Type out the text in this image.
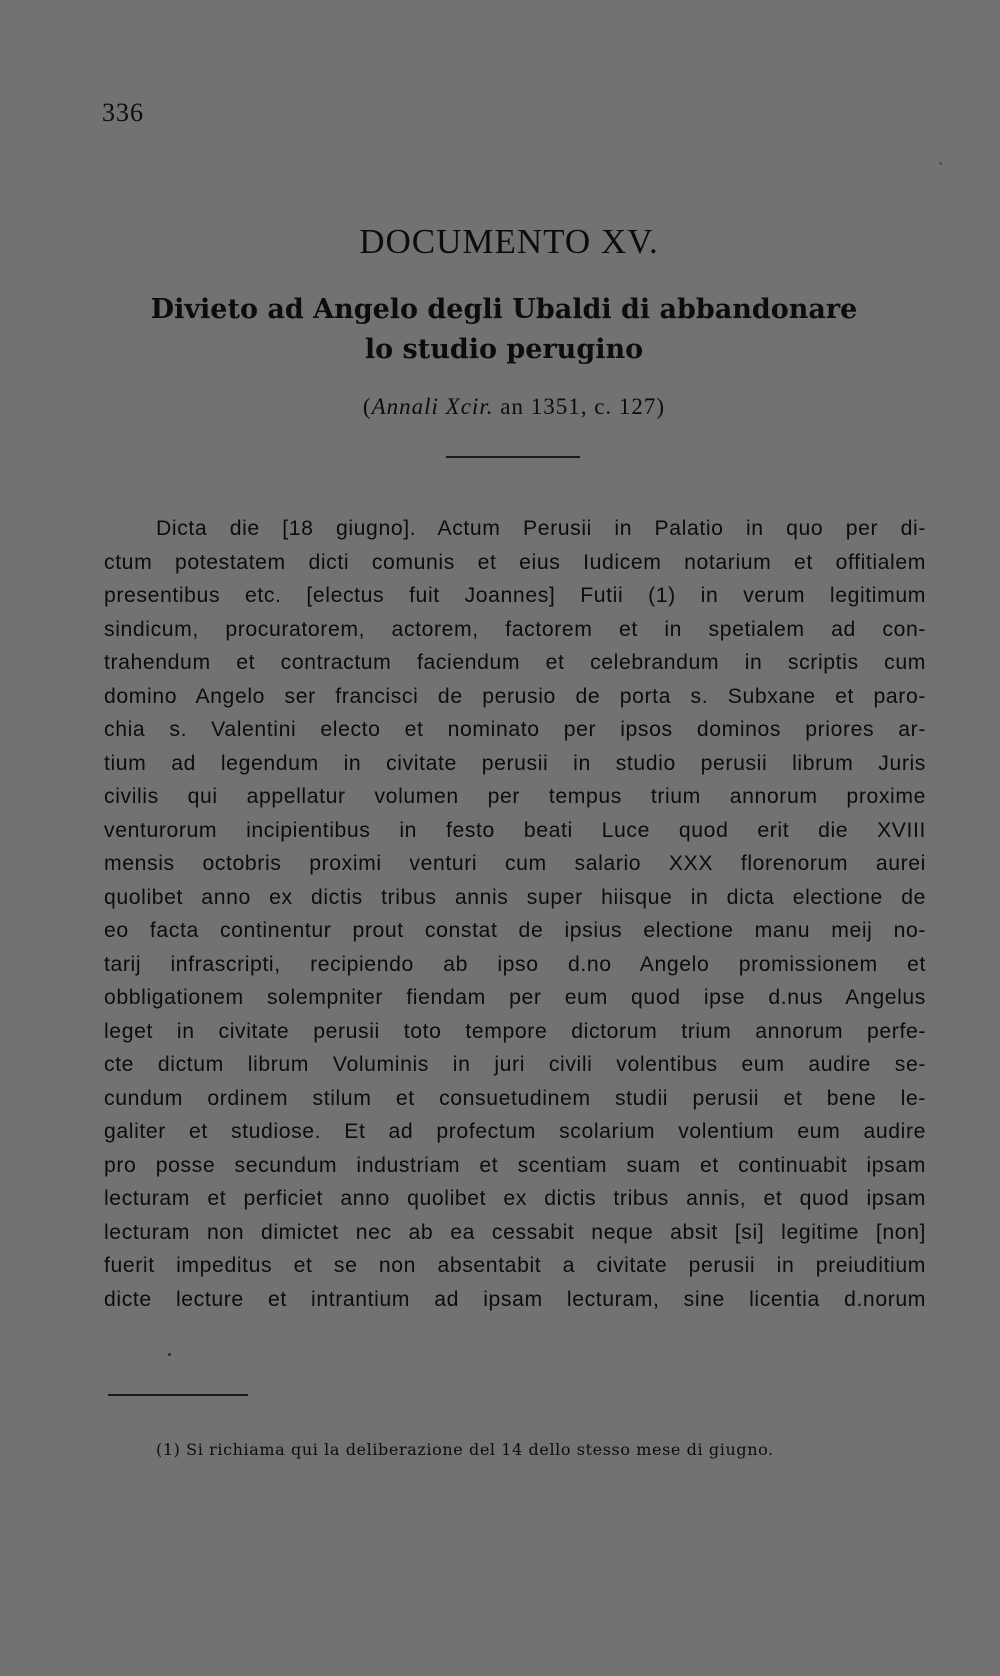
336
DOCUMENTO XV.
Divieto ad Angelo degli Ubaldi di abbandonare
lo studio perugino
(Annali Xcir. an 1351, c. 127)
Dicta die [18 giugno]. Actum Perusii in Palatio in quo per di-
ctum potestatem dicti comunis et eius Iudicem notarium et offitialem
presentibus etc. [electus fuit Joannes] Futii (1) in verum legitimum
sindicum, procuratorem, actorem, factorem et in spetialem ad con-
trahendum et contractum faciendum et celebrandum in scriptis cum
domino Angelo ser francisci de perusio de porta s. Subxane et paro-
chia s. Valentini electo et nominato per ipsos dominos priores ar-
tium ad legendum in civitate perusii in studio perusii librum Juris
civilis qui appellatur volumen per tempus trium annorum proxime
venturorum incipientibus in festo beati Luce quod erit die XVIII
mensis octobris proximi venturi cum salario XXX florenorum aurei
quolibet anno ex dictis tribus annis super hiisque in dicta electione de
eo facta continentur prout constat de ipsius electione manu meij no-
tarij infrascripti, recipiendo ab ipso d.no Angelo promissionem et
obbligationem solempniter fiendam per eum quod ipse d.nus Angelus
leget in civitate perusii toto tempore dictorum trium annorum perfe-
cte dictum librum Voluminis in juri civili volentibus eum audire se-
cundum ordinem stilum et consuetudinem studii perusii et bene le-
galiter et studiose. Et ad profectum scolarium volentium eum audire
pro posse secundum industriam et scentiam suam et continuabit ipsam
lecturam et perficiet anno quolibet ex dictis tribus annis, et quod ipsam
lecturam non dimictet nec ab ea cessabit neque absit [si] legitime [non]
fuerit impeditus et se non absentabit a civitate perusii in preiuditium
dicte lecture et intrantium ad ipsam lecturam, sine licentia d.norum
(1) Si richiama qui la deliberazione del 14 dello stesso mese di giugno.
